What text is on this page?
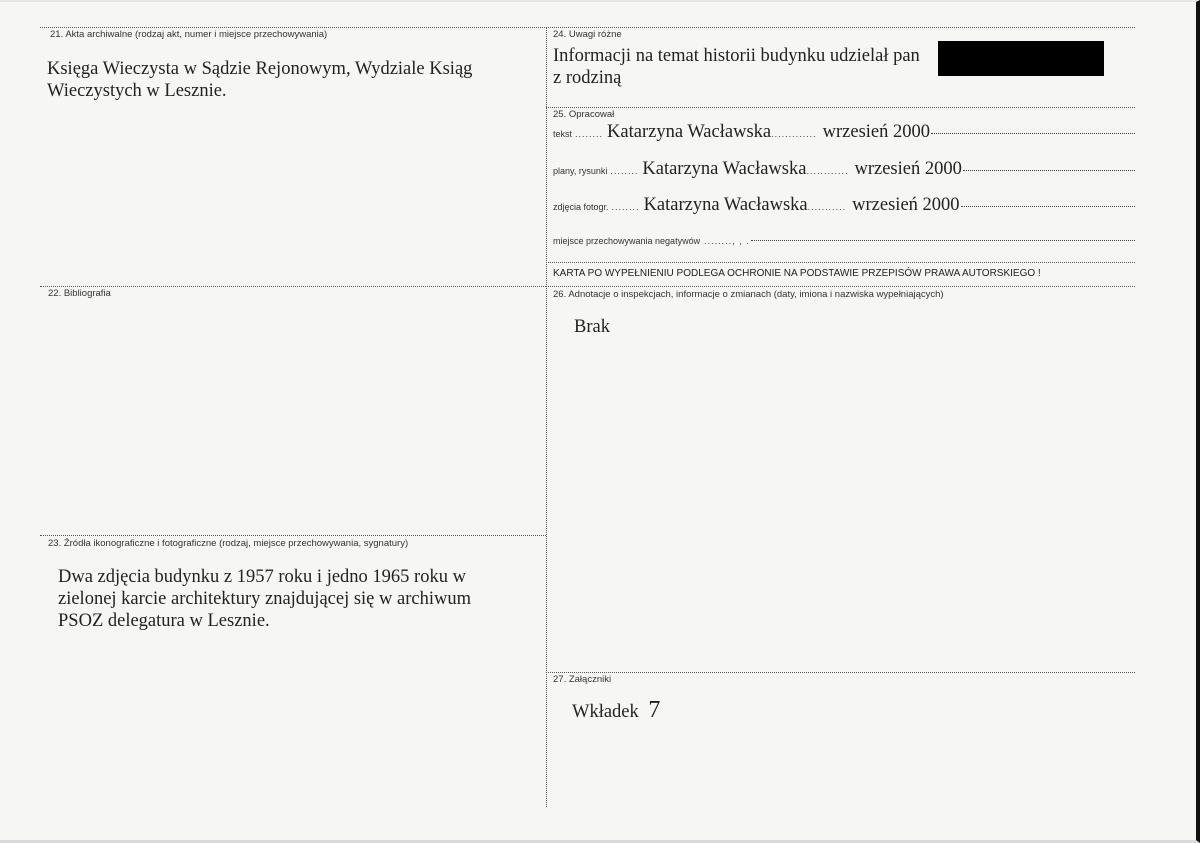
21. Akta archiwalne (rodzaj akt, numer i miejsce przechowywania)
Księga Wieczysta w Sądzie Rejonowym, Wydziale Ksiąg Wieczystych w Lesznie.
22. Bibliografia
23. Źródła ikonograficzne i fotograficzne (rodzaj, miejsce przechowywania, sygnatury)
Dwa zdjęcia budynku z 1957 roku i jedno 1965 roku w zielonej karcie architektury znajdującej się w archiwum PSOZ delegatura w Lesznie.
24. Uwagi różne
Informacji na temat historii budynku udzielał pan
z rodziną
25. Opracował
tekst ........ Katarzyna Wacławska ............. wrzesień 2000
plany, rysunki ........ Katarzyna Wacławska ............ wrzesień 2000
zdjęcia fotogr. ........ Katarzyna Wacławska ........... wrzesień 2000
miejsce przechowywania negatywów ........, , .
KARTA PO WYPEŁNIENIU PODLEGA OCHRONIE NA PODSTAWIE PRZEPISÓW PRAWA AUTORSKIEGO !
26. Adnotacje o inspekcjach, informacje o zmianach (daty, imiona i nazwiska wypełniających)
Brak
27. Załączniki
Wkładek 7
